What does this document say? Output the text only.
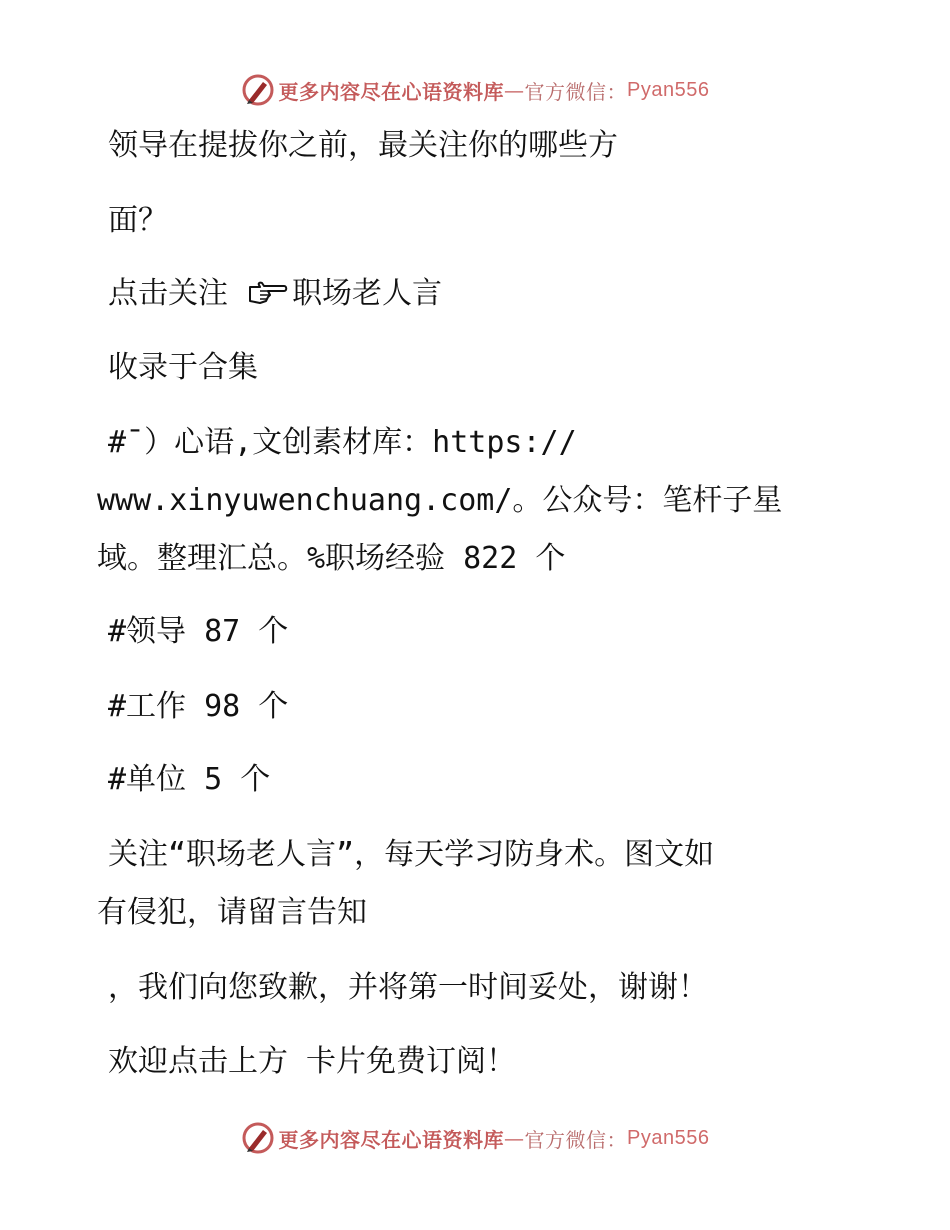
更多内容尽在心语资料库 — 官方微信： Pyan556

领导在提拔你之前，最关注你的哪些方

面？

点击关注 职场老人言

收录于合集

#¯）心语,文创素材库：https://

www.xinyuwenchuang.com/。公众号：笔杆子星

域。整理汇总。%职场经验 822 个

#领导 87 个

#工作 98 个

#单位 5 个

关注“职场老人言”，每天学习防身术。图文如

有侵犯，请留言告知

，我们向您致歉，并将第一时间妥处，谢谢！

欢迎点击上方 卡片免费订阅！

更多内容尽在心语资料库 — 官方微信： Pyan556
